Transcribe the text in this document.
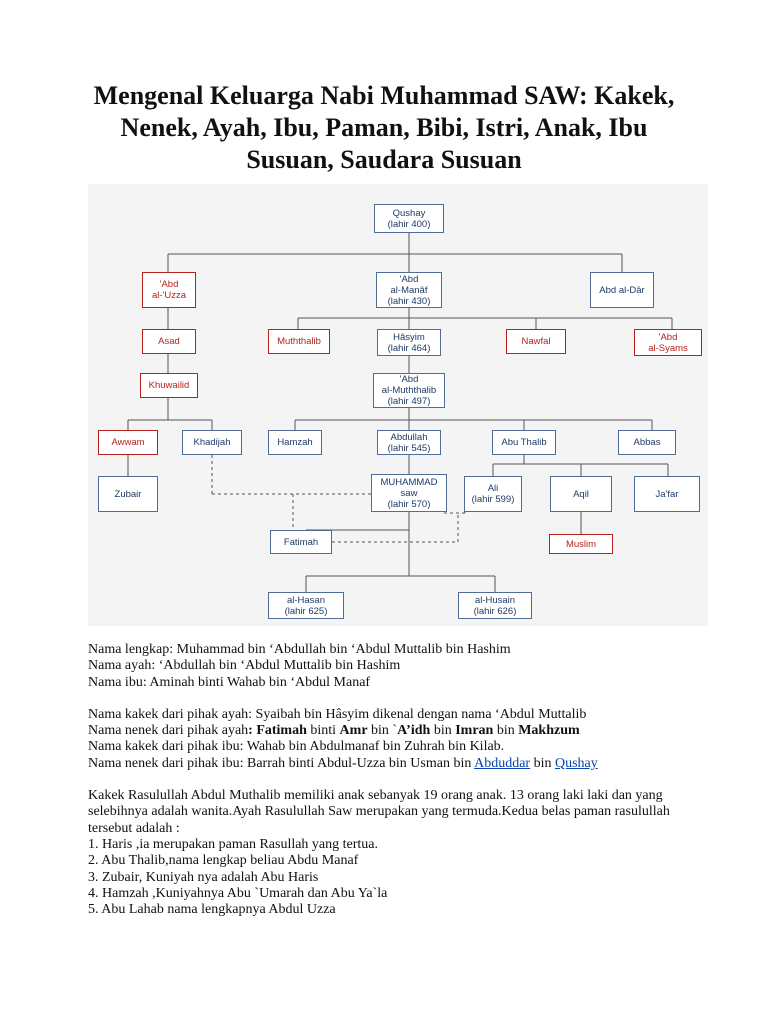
Mengenal Keluarga Nabi Muhammad SAW: Kakek, Nenek, Ayah, Ibu, Paman, Bibi, Istri, Anak, Ibu Susuan, Saudara Susuan
Qushay
(lahir 400)
'Abd
al-'Uzza
'Abd
al-Manâf
(lahir 430)
Abd al-Dâr
Asad	Muththalib	Hâsyim
(lahir 464)
Nawfal	'Abd
al-Syams
Khuwailid
'Abd
al-Muththalib
(lahir 497)
Awwam	Khadijah	Hamzah	Abdullah
(lahir 545)	Abu Thalib	Abbas
Zubair
MUHAMMAD
saw
(lahir 570)
Ali
(lahir 599)	Aqil	Ja'far
Fatimah	Muslim
al-Hasan
(lahir 625)
al-Husain
(lahir 626)

Nama lengkap: Muhammad bin ‘Abdullah bin ‘Abdul Muttalib bin Hashim

Nama ayah: ‘Abdullah bin ‘Abdul Muttalib bin Hashim

Nama ibu: Aminah binti Wahab bin ‘Abdul Manaf

Nama kakek dari pihak ayah: Syaibah bin Hâsyim dikenal dengan nama ‘Abdul Muttalib

Nama nenek dari pihak ayah: Fatimah binti Amr bin `A’idh bin Imran bin Makhzum

Nama kakek dari pihak ibu: Wahab bin Abdulmanaf bin Zuhrah bin Kilab.

Nama nenek dari pihak ibu: Barrah binti Abdul-Uzza bin Usman bin Abduddar bin Qushay

Kakek Rasulullah Abdul Muthalib memiliki anak sebanyak 19 orang anak. 13 orang laki laki dan yang selebihnya adalah wanita.Ayah Rasulullah Saw merupakan yang termuda.Kedua belas paman rasulullah tersebut adalah :

1. Haris ,ia merupakan paman Rasullah yang tertua.

2. Abu Thalib,nama lengkap beliau Abdu Manaf

3. Zubair, Kuniyah nya adalah Abu Haris

4. Hamzah ,Kuniyahnya Abu `Umarah dan Abu Ya`la

5. Abu Lahab nama lengkapnya Abdul Uzza
